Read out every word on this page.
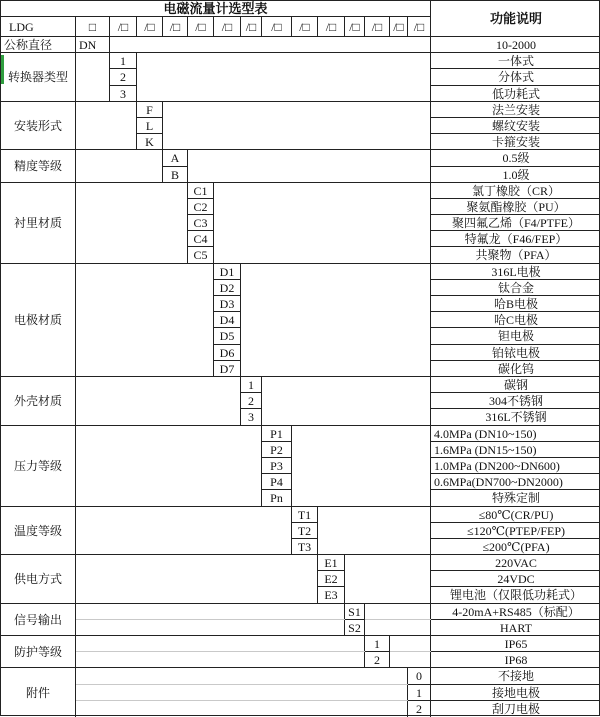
电磁流量计选型表
功能说明
LDG	□	/□	/□	/□	/□	/□	/□	/□	/□	/□	/□ /□ /□ /□
公称直径	DN	10-2000
转换器类型
1	一体式
2	分体式
3	低功耗式
安装形式
F	法兰安装
L	螺纹安装
K	卡箍安装
精度等级
A	0.5级
B	1.0级
衬里材质
C1	氯丁橡胶（CR）
C2	聚氨酯橡胶（PU）
C3	聚四氟乙烯（F4/PTFE）
C4	特氟龙（F46/FEP）
C5	共聚物（PFA）
电极材质
D1	316L电极
D2	钛合金
D3	哈B电极
D4	哈C电极
D5	钽电极
D6	铂铱电极
D7	碳化钨
外壳材质
1	碳钢
2	304不锈钢
3	316L不锈钢
压力等级
P1	4.0MPa (DN10~150)
P2	1.6MPa (DN15~150)
P3	1.0MPa (DN200~DN600)
P4	0.6MPa(DN700~DN2000)
Pn	特殊定制
温度等级
T1	≤80℃(CR/PU)
T2	≤120℃(PTEP/FEP)
T3	≤200℃(PFA)
供电方式
E1	220VAC
E2	24VDC
E3	锂电池（仅限低功耗式）
信号输出
S1	4-20mA+RS485（标配）
S2	HART
防护等级
1	IP65
2	IP68
附件
0	不接地
1	接地电极
2	刮刀电极
